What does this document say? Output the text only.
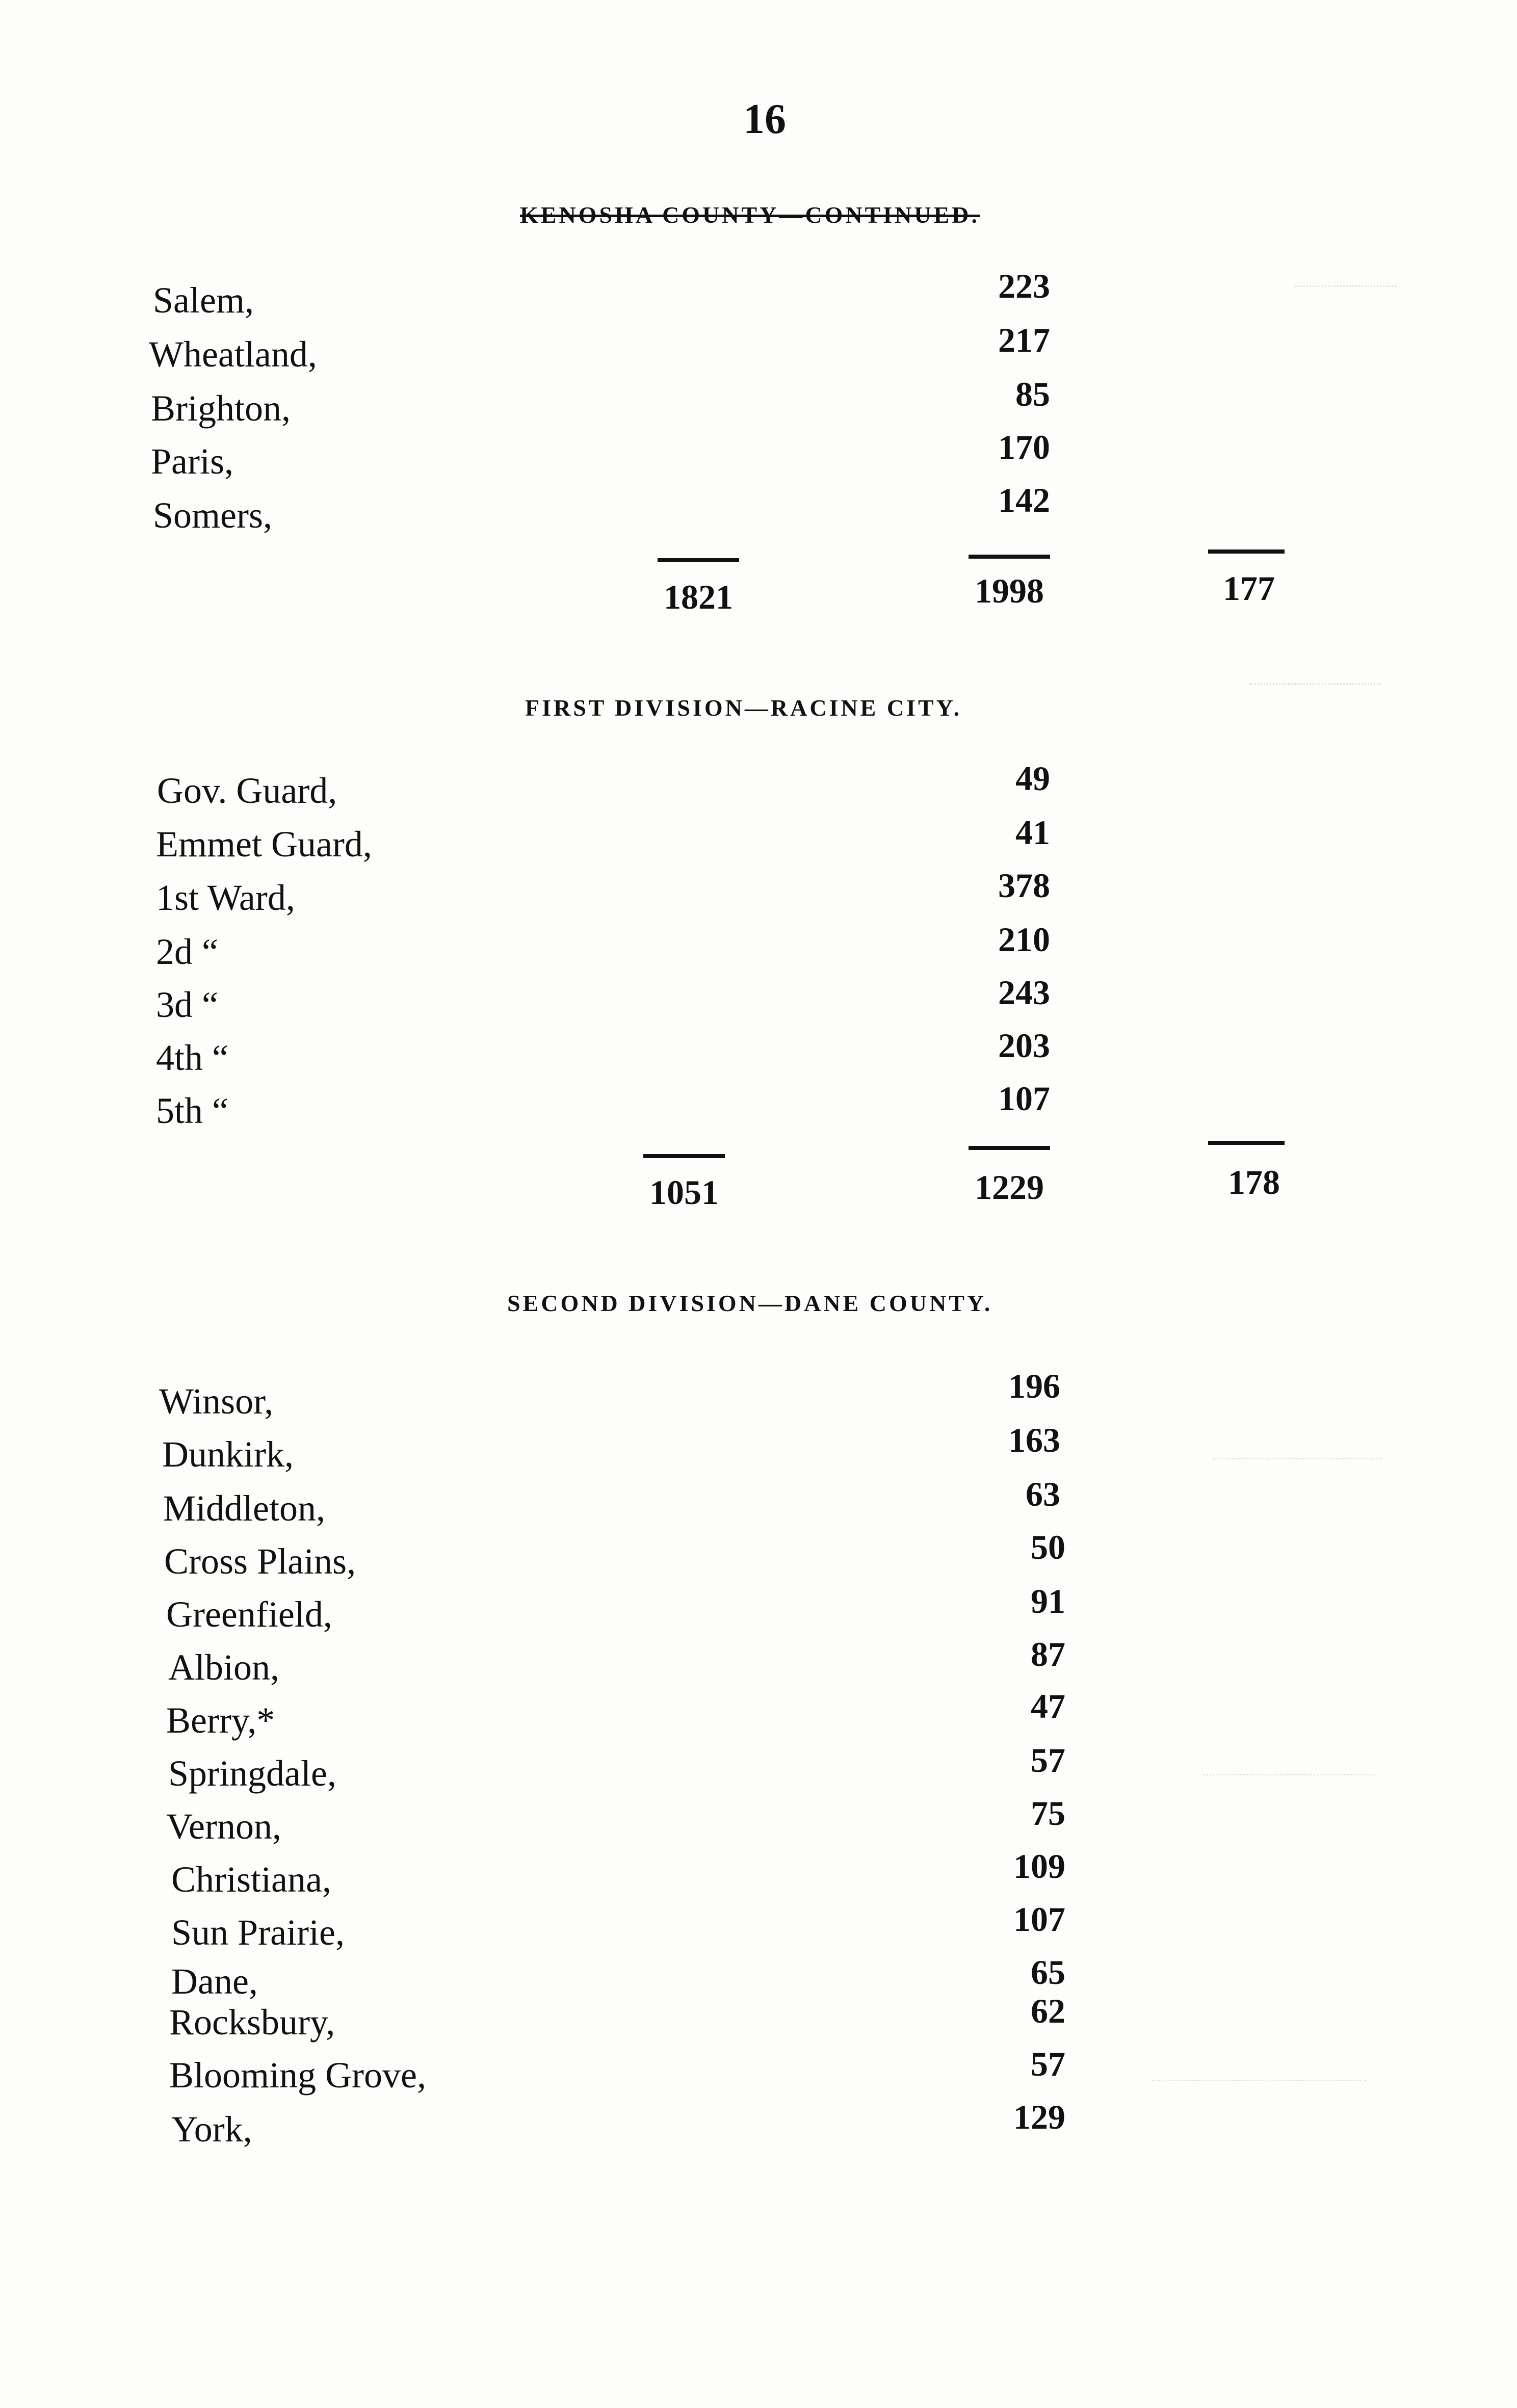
16
KENOSHA COUNTY—CONTINUED.
Salem,	223
Wheatland,	217
Brighton,	85
Paris,	170
Somers,	142
1821	1998	177
FIRST DIVISION—RACINE CITY.
Gov. Guard,	49
Emmet Guard,	41
1st Ward,	378
2d “	210
3d “	243
4th “	203
5th “	107
1051	1229	178
SECOND DIVISION—DANE COUNTY.
Winsor,	196
Dunkirk,	163
Middleton,	63
Cross Plains,	50
Greenfield,	91
Albion,	87
Berry,*	47
Springdale,	57
Vernon,	75
Christiana,	109
Sun Prairie,	107
Dane,	65
Rocksbury,	62
Blooming Grove,	57
York,	129
